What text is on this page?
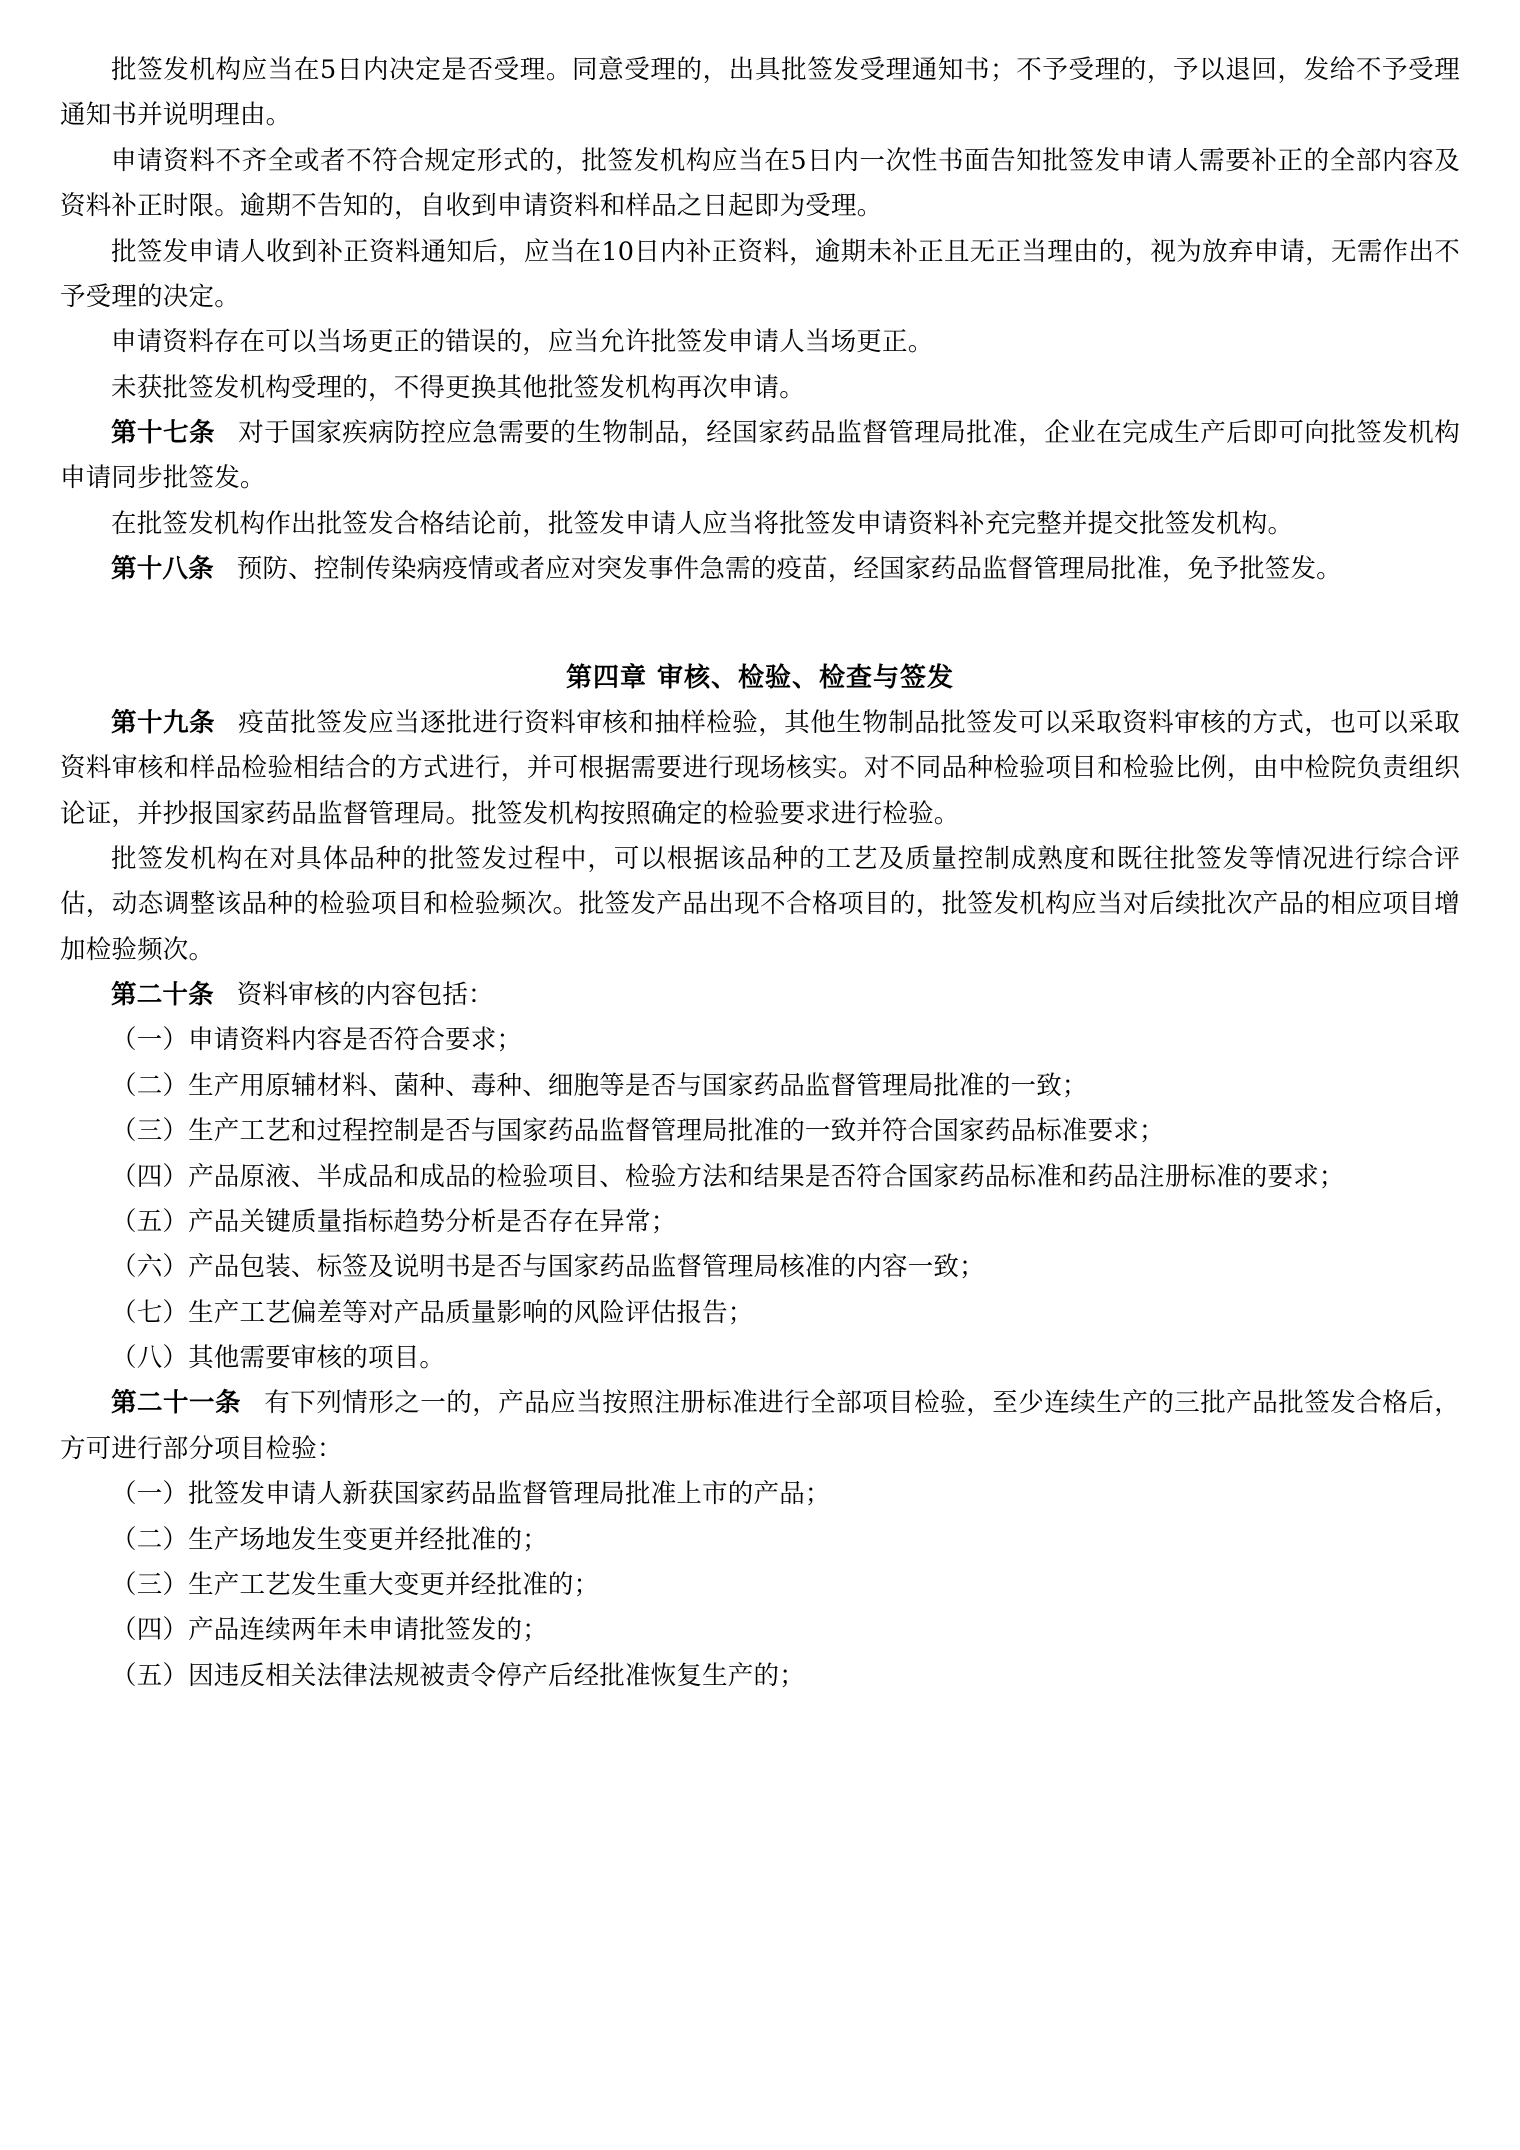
批签发机构应当在5日内决定是否受理。同意受理的，出具批签发受理通知书；不予受理的，予以退回，发给不予受理通知书并说明理由。

申请资料不齐全或者不符合规定形式的，批签发机构应当在5日内一次性书面告知批签发申请人需要补正的全部内容及资料补正时限。逾期不告知的，自收到申请资料和样品之日起即为受理。

批签发申请人收到补正资料通知后，应当在10日内补正资料，逾期未补正且无正当理由的，视为放弃申请，无需作出不予受理的决定。

申请资料存在可以当场更正的错误的，应当允许批签发申请人当场更正。

未获批签发机构受理的，不得更换其他批签发机构再次申请。

第十七条 对于国家疾病防控应急需要的生物制品，经国家药品监督管理局批准，企业在完成生产后即可向批签发机构申请同步批签发。

在批签发机构作出批签发合格结论前，批签发申请人应当将批签发申请资料补充完整并提交批签发机构。

第十八条 预防、控制传染病疫情或者应对突发事件急需的疫苗，经国家药品监督管理局批准，免予批签发。

第四章 审核、检验、检查与签发

第十九条 疫苗批签发应当逐批进行资料审核和抽样检验，其他生物制品批签发可以采取资料审核的方式，也可以采取资料审核和样品检验相结合的方式进行，并可根据需要进行现场核实。对不同品种检验项目和检验比例，由中检院负责组织论证，并抄报国家药品监督管理局。批签发机构按照确定的检验要求进行检验。

批签发机构在对具体品种的批签发过程中，可以根据该品种的工艺及质量控制成熟度和既往批签发等情况进行综合评估，动态调整该品种的检验项目和检验频次。批签发产品出现不合格项目的，批签发机构应当对后续批次产品的相应项目增加检验频次。

第二十条 资料审核的内容包括：

（一）申请资料内容是否符合要求；

（二）生产用原辅材料、菌种、毒种、细胞等是否与国家药品监督管理局批准的一致；

（三）生产工艺和过程控制是否与国家药品监督管理局批准的一致并符合国家药品标准要求；

（四）产品原液、半成品和成品的检验项目、检验方法和结果是否符合国家药品标准和药品注册标准的要求；

（五）产品关键质量指标趋势分析是否存在异常；

（六）产品包装、标签及说明书是否与国家药品监督管理局核准的内容一致；

（七）生产工艺偏差等对产品质量影响的风险评估报告；

（八）其他需要审核的项目。

第二十一条 有下列情形之一的，产品应当按照注册标准进行全部项目检验，至少连续生产的三批产品批签发合格后，方可进行部分项目检验：

（一）批签发申请人新获国家药品监督管理局批准上市的产品；

（二）生产场地发生变更并经批准的；

（三）生产工艺发生重大变更并经批准的；

（四）产品连续两年未申请批签发的；

（五）因违反相关法律法规被责令停产后经批准恢复生产的；
